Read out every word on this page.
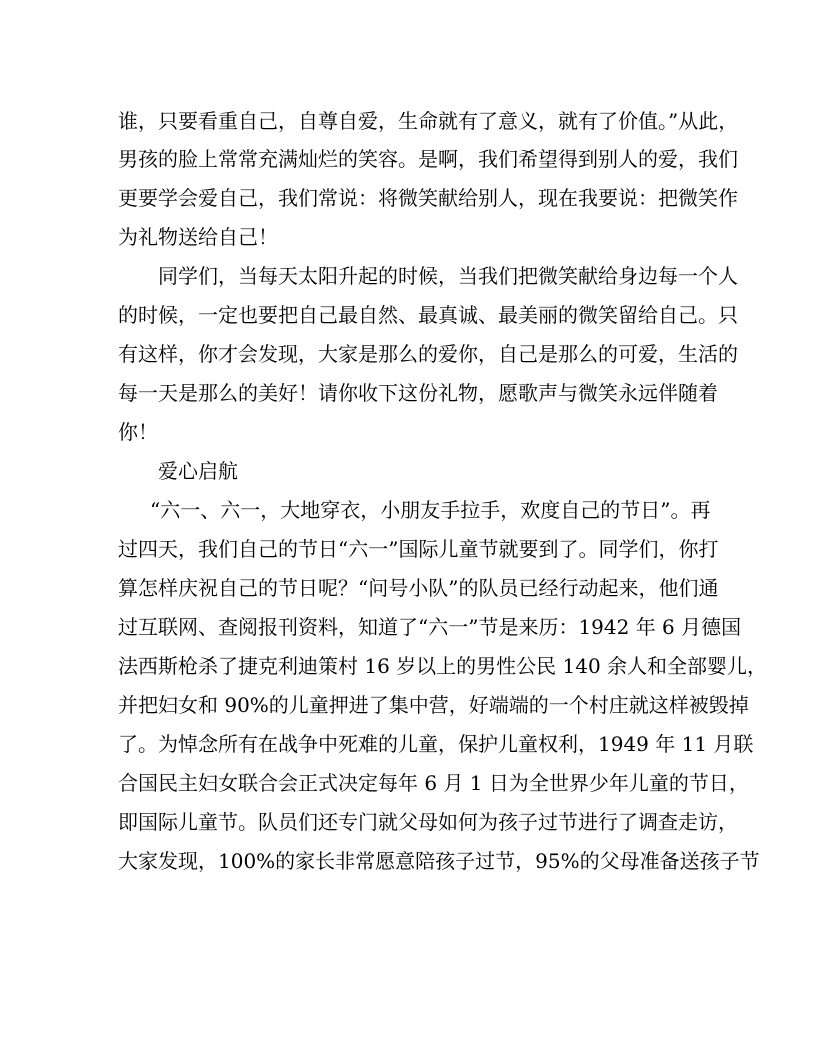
谁，只要看重自己，自尊自爱，生命就有了意义，就有了价值。”从此，
男孩的脸上常常充满灿烂的笑容。是啊，我们希望得到别人的爱，我们
更要学会爱自己，我们常说：将微笑献给别人，现在我要说：把微笑作
为礼物送给自己！
同学们，当每天太阳升起的时候，当我们把微笑献给身边每一个人
的时候，一定也要把自己最自然、最真诚、最美丽的微笑留给自己。只
有这样，你才会发现，大家是那么的爱你，自己是那么的可爱，生活的
每一天是那么的美好！请你收下这份礼物，愿歌声与微笑永远伴随着
你！
爱心启航
“六一、六一，大地穿衣，小朋友手拉手，欢度自己的节日”。再
过四天，我们自己的节日“六一”国际儿童节就要到了。同学们，你打
算怎样庆祝自己的节日呢？“问号小队”的队员已经行动起来，他们通
过互联网、查阅报刊资料，知道了“六一”节是来历：1942 年 6 月德国
法西斯枪杀了捷克利迪策村 16 岁以上的男性公民 140 余人和全部婴儿，
并把妇女和 90%的儿童押进了集中营，好端端的一个村庄就这样被毁掉
了。为悼念所有在战争中死难的儿童，保护儿童权利，1949 年 11 月联
合国民主妇女联合会正式决定每年 6 月 1 日为全世界少年儿童的节日，
即国际儿童节。队员们还专门就父母如何为孩子过节进行了调查走访，
大家发现，100%的家长非常愿意陪孩子过节，95%的父母准备送孩子节
